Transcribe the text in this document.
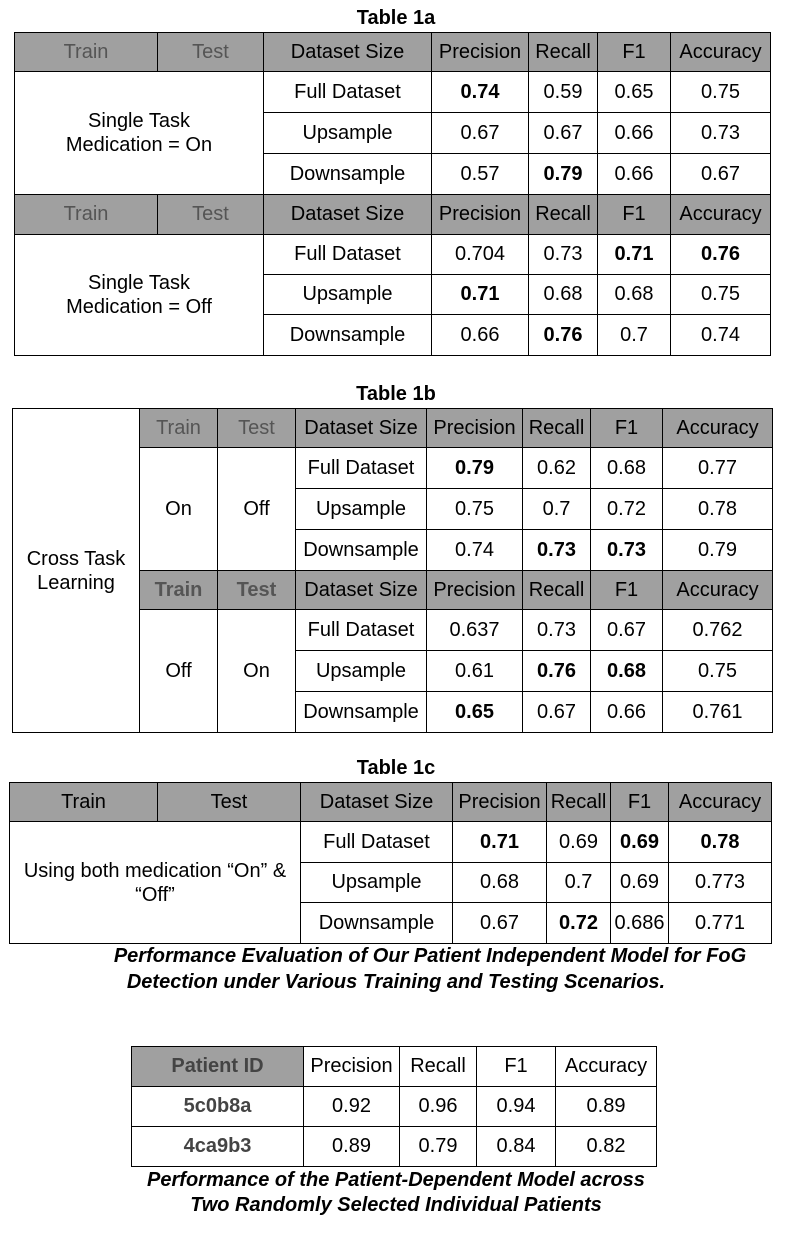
Table 1a
Train	Test	Dataset Size	Precision	Recall	F1	Accuracy
Single Task Medication = On		Full Dataset	0.74	0.59	0.65	0.75
		Upsample	0.67	0.67	0.66	0.73
		Downsample	0.57	0.79	0.66	0.67
Train	Test	Dataset Size	Precision	Recall	F1	Accuracy
Single Task Medication = Off		Full Dataset	0.704	0.73	0.71	0.76
		Upsample	0.71	0.68	0.68	0.75
		Downsample	0.66	0.76	0.7	0.74
Table 1b
Cross Task Learning	Train	Test	Dataset Size	Precision	Recall	F1	Accuracy
	On	Off	Full Dataset	0.79	0.62	0.68	0.77
			Upsample	0.75	0.7	0.72	0.78
			Downsample	0.74	0.73	0.73	0.79
	Train	Test	Dataset Size	Precision	Recall	F1	Accuracy
	Off	On	Full Dataset	0.637	0.73	0.67	0.762
			Upsample	0.61	0.76	0.68	0.75
			Downsample	0.65	0.67	0.66	0.761
Table 1c
Train	Test	Dataset Size	Precision	Recall	F1	Accuracy
Using both medication “On” & “Off”		Full Dataset	0.71	0.69	0.69	0.78
		Upsample	0.68	0.7	0.69	0.773
		Downsample	0.67	0.72	0.686	0.771
Performance Evaluation of Our Patient Independent Model for FoG
Detection under Various Training and Testing Scenarios.
Patient ID	Precision	Recall	F1	Accuracy
5c0b8a	0.92	0.96	0.94	0.89
4ca9b3	0.89	0.79	0.84	0.82
Performance of the Patient-Dependent Model across
Two Randomly Selected Individual Patients
